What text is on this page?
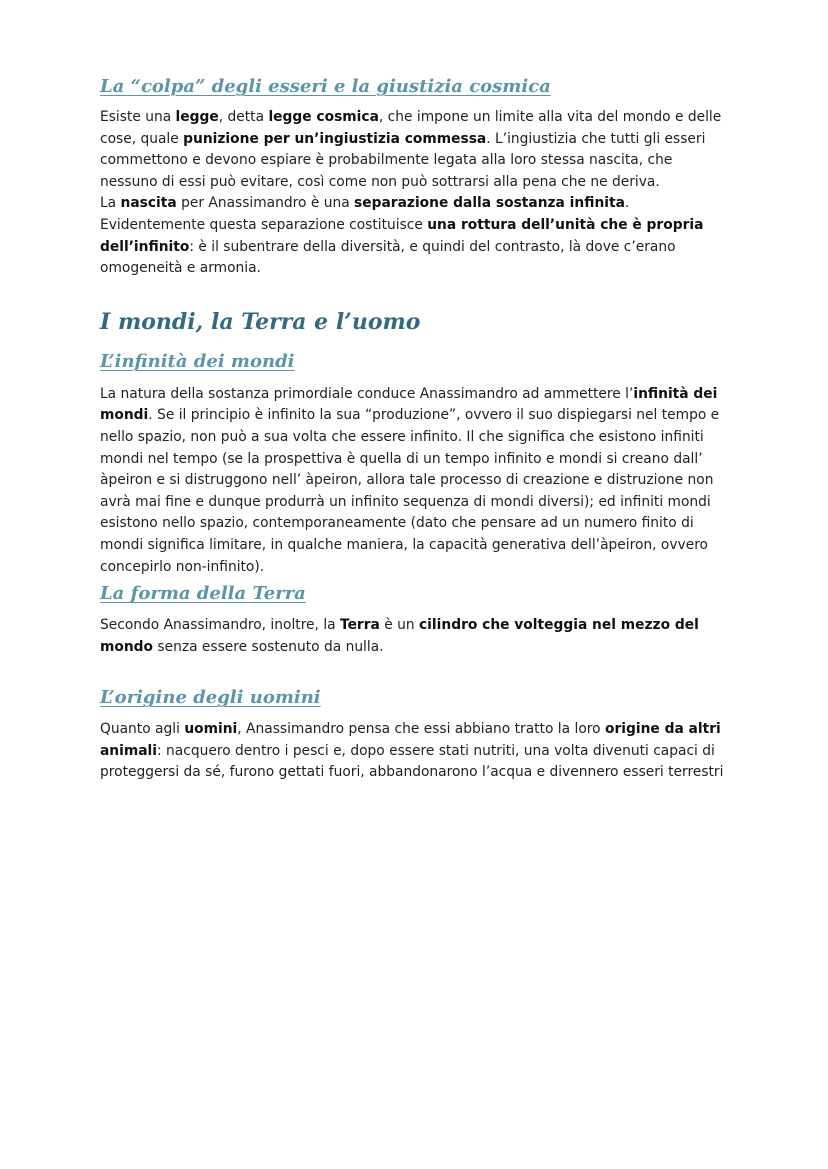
La “colpa” degli esseri e la giustizia cosmica

Esiste una legge, detta legge cosmica, che impone un limite alla vita del mondo e delle cose, quale punizione per un’ingiustizia commessa. L’ingiustizia che tutti gli esseri commettono e devono espiare è probabilmente legata alla loro stessa nascita, che nessuno di essi può evitare, così come non può sottrarsi alla pena che ne deriva.

La nascita per Anassimandro è una separazione dalla sostanza infinita. Evidentemente questa separazione costituisce una rottura dell’unità che è propria dell’infinito: è il subentrare della diversità, e quindi del contrasto, là dove c’erano omogeneità e armonia.

I mondi, la Terra e l’uomo
L’infinità dei mondi

La natura della sostanza primordiale conduce Anassimandro ad ammettere l’infinità dei mondi. Se il principio è infinito la sua “produzione”, ovvero il suo dispiegarsi nel tempo e nello spazio, non può a sua volta che essere infinito. Il che significa che esistono infiniti mondi nel tempo (se la prospettiva è quella di un tempo infinito e mondi si creano dall’ àpeiron e si distruggono nell’ àpeiron, allora tale processo di creazione e distruzione non avrà mai fine e dunque produrrà un infinito sequenza di mondi diversi); ed infiniti mondi esistono nello spazio, contemporaneamente (dato che pensare ad un numero finito di mondi significa limitare, in qualche maniera, la capacità generativa dell’àpeiron, ovvero concepirlo non-infinito).

La forma della Terra

Secondo Anassimandro, inoltre, la Terra è un cilindro che volteggia nel mezzo del mondo senza essere sostenuto da nulla.

L’origine degli uomini

Quanto agli uomini, Anassimandro pensa che essi abbiano tratto la loro origine da altri animali: nacquero dentro i pesci e, dopo essere stati nutriti, una volta divenuti capaci di proteggersi da sé, furono gettati fuori, abbandonarono l’acqua e divennero esseri terrestri
